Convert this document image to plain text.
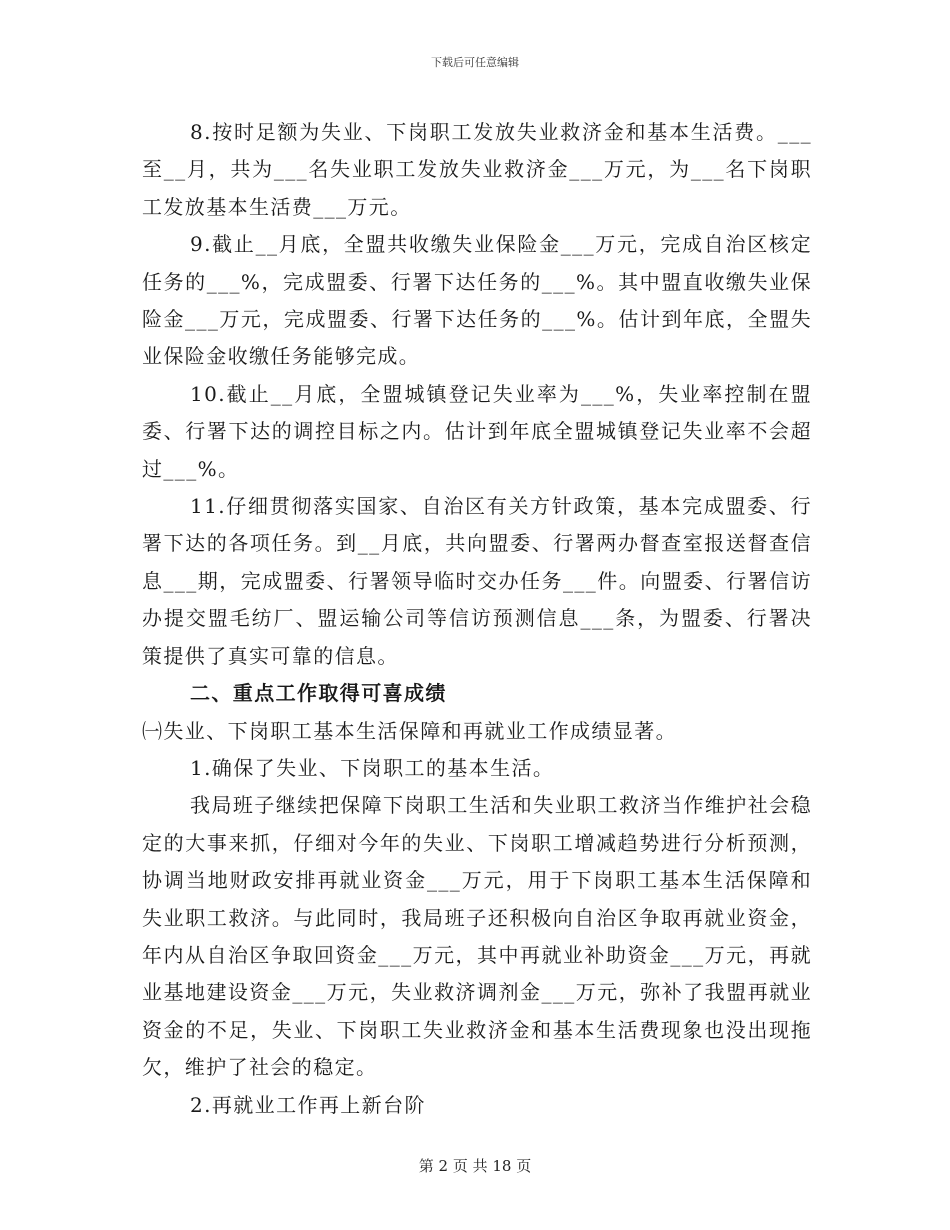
下载后可任意编辑

8.按时足额为失业、下岗职工发放失业救济金和基本生活费。___至__月，共为___名失业职工发放失业救济金___万元，为___名下岗职工发放基本生活费___万元。

9.截止__月底，全盟共收缴失业保险金___万元，完成自治区核定任务的___%，完成盟委、行署下达任务的___%。其中盟直收缴失业保险金___万元，完成盟委、行署下达任务的___%。估计到年底，全盟失业保险金收缴任务能够完成。

10.截止__月底，全盟城镇登记失业率为___%，失业率控制在盟委、行署下达的调控目标之内。估计到年底全盟城镇登记失业率不会超过___%。

11.仔细贯彻落实国家、自治区有关方针政策，基本完成盟委、行署下达的各项任务。到__月底，共向盟委、行署两办督查室报送督查信息___期，完成盟委、行署领导临时交办任务___件。向盟委、行署信访办提交盟毛纺厂、盟运输公司等信访预测信息___条，为盟委、行署决策提供了真实可靠的信息。

二、重点工作取得可喜成绩

㈠失业、下岗职工基本生活保障和再就业工作成绩显著。

1.确保了失业、下岗职工的基本生活。

我局班子继续把保障下岗职工生活和失业职工救济当作维护社会稳定的大事来抓，仔细对今年的失业、下岗职工增减趋势进行分析预测，协调当地财政安排再就业资金___万元，用于下岗职工基本生活保障和失业职工救济。与此同时，我局班子还积极向自治区争取再就业资金，年内从自治区争取回资金___万元，其中再就业补助资金___万元，再就业基地建设资金___万元，失业救济调剂金___万元，弥补了我盟再就业资金的不足，失业、下岗职工失业救济金和基本生活费现象也没出现拖欠，维护了社会的稳定。

2.再就业工作再上新台阶

第 2 页 共 18 页
